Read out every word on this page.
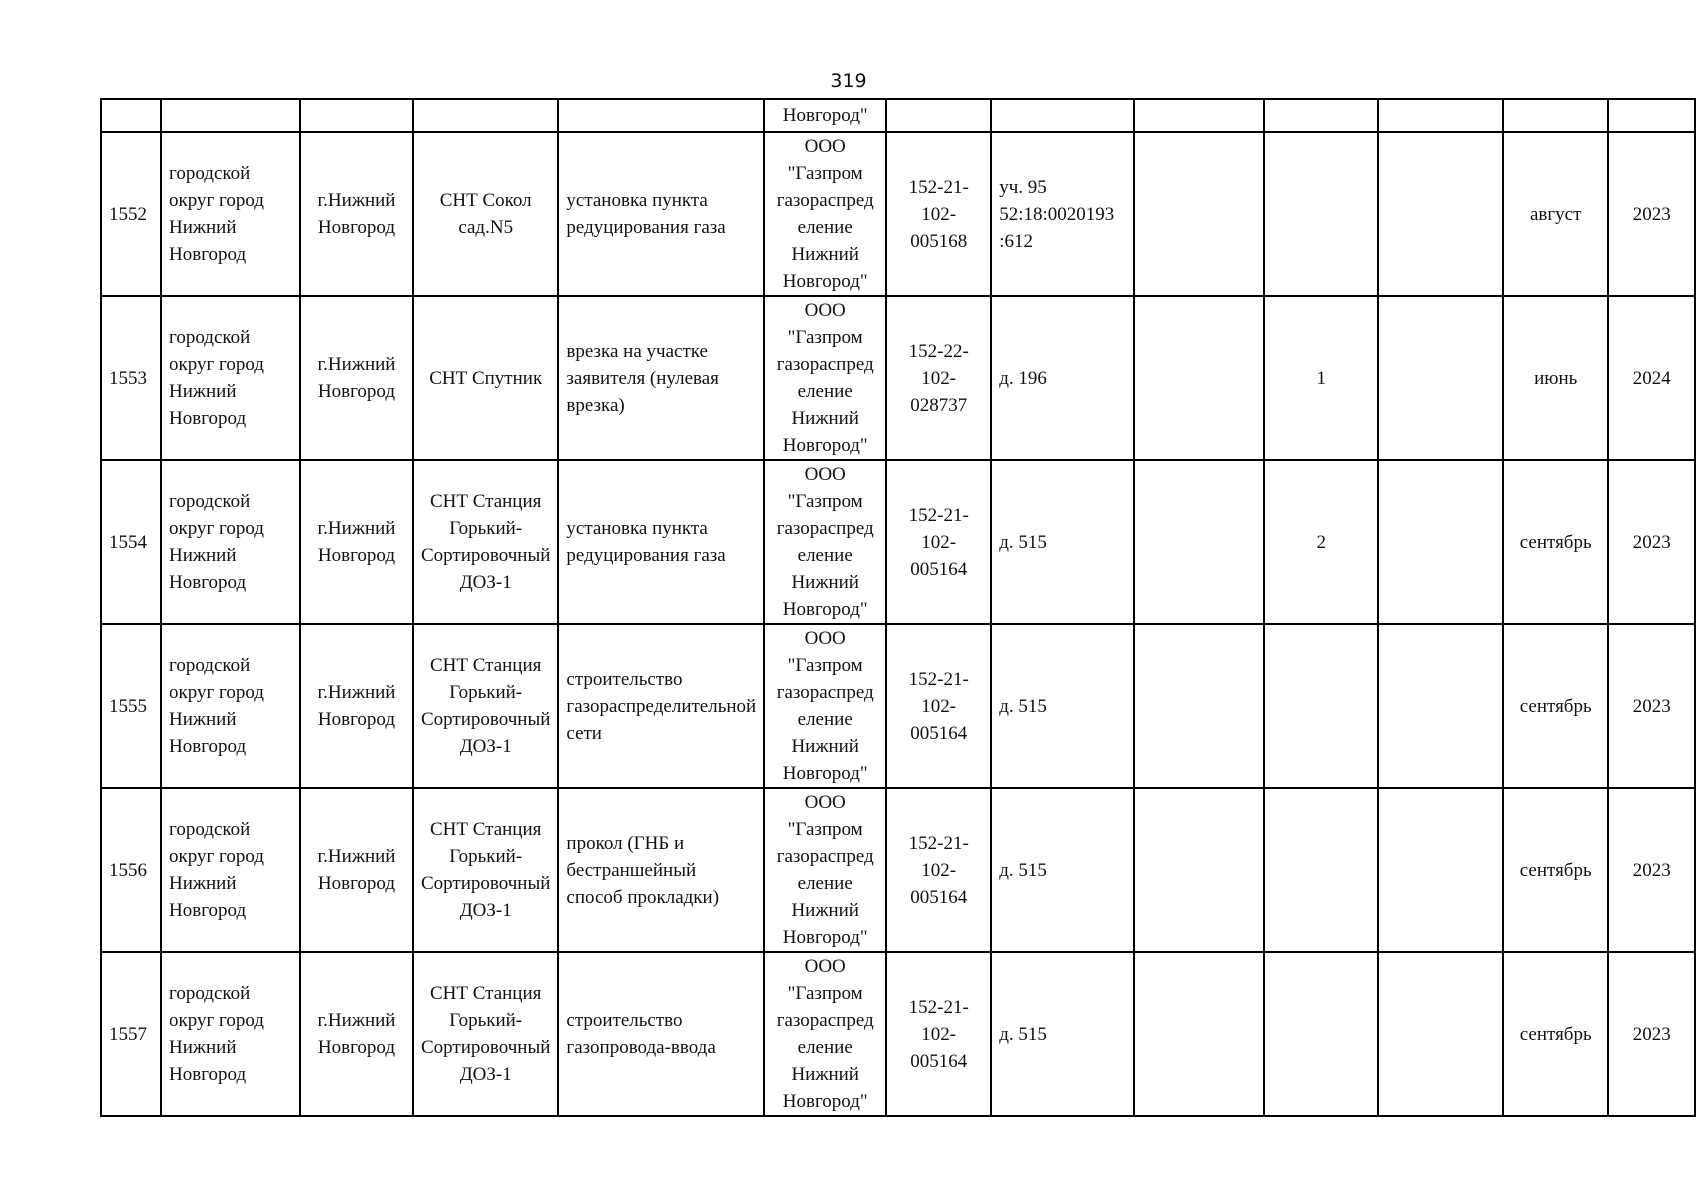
319
					Новгород"							
1552	городской округ город Нижний Новгород	г.Нижний Новгород	СНТ Сокол сад.N5	установка пункта редуцирования газа	ООО "Газпром газораспред еление Нижний Новгород"	152-21-102-005168	уч. 95 52:18:0020193 :612				август	2023
1553	городской округ город Нижний Новгород	г.Нижний Новгород	СНТ Спутник	врезка на участке заявителя (нулевая врезка)	ООО "Газпром газораспред еление Нижний Новгород"	152-22-102-028737	д. 196		1		июнь	2024
1554	городской округ город Нижний Новгород	г.Нижний Новгород	СНТ Станция Горький-Сортировочный ДОЗ-1	установка пункта редуцирования газа	ООО "Газпром газораспред еление Нижний Новгород"	152-21-102-005164	д. 515		2		сентябрь	2023
1555	городской округ город Нижний Новгород	г.Нижний Новгород	СНТ Станция Горький-Сортировочный ДОЗ-1	строительство газораспределительной сети	ООО "Газпром газораспред еление Нижний Новгород"	152-21-102-005164	д. 515				сентябрь	2023
1556	городской округ город Нижний Новгород	г.Нижний Новгород	СНТ Станция Горький-Сортировочный ДОЗ-1	прокол (ГНБ и бестраншейный способ прокладки)	ООО "Газпром газораспред еление Нижний Новгород"	152-21-102-005164	д. 515				сентябрь	2023
1557	городской округ город Нижний Новгород	г.Нижний Новгород	СНТ Станция Горький-Сортировочный ДОЗ-1	строительство газопровода-ввода	ООО "Газпром газораспред еление Нижний Новгород"	152-21-102-005164	д. 515				сентябрь	2023
